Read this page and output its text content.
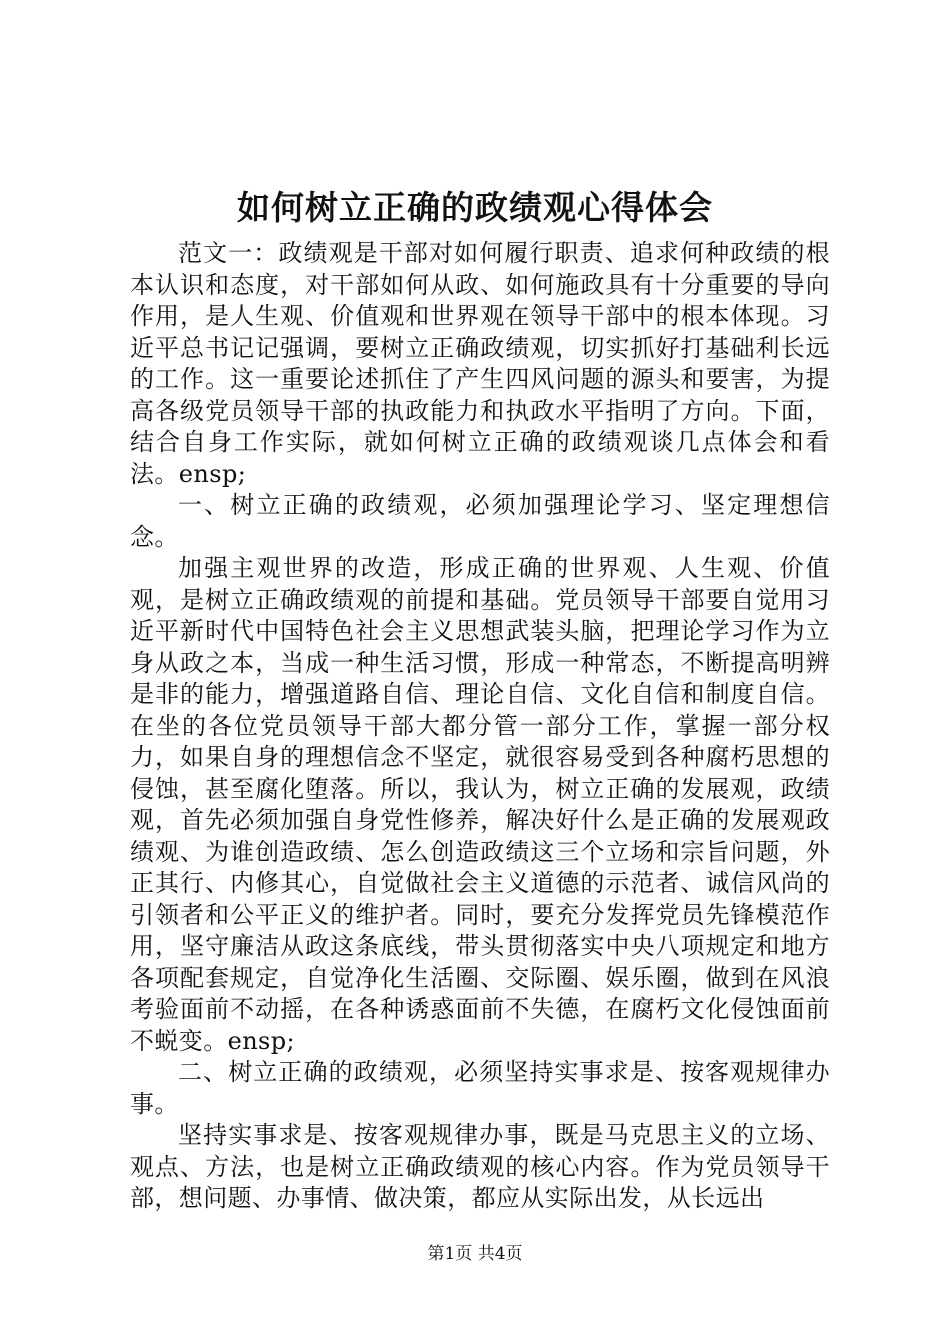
如何树立正确的政绩观心得体会

范文一：政绩观是干部对如何履行职责、追求何种政绩的根本认识和态度，对干部如何从政、如何施政具有十分重要的导向作用，是人生观、价值观和世界观在领导干部中的根本体现。习近平总书记记强调，要树立正确政绩观，切实抓好打基础利长远的工作。这一重要论述抓住了产生四风问题的源头和要害，为提高各级党员领导干部的执政能力和执政水平指明了方向。下面，结合自身工作实际，就如何树立正确的政绩观谈几点体会和看法。ensp;

一、树立正确的政绩观，必须加强理论学习、坚定理想信念。

加强主观世界的改造，形成正确的世界观、人生观、价值观，是树立正确政绩观的前提和基础。党员领导干部要自觉用习近平新时代中国特色社会主义思想武装头脑，把理论学习作为立身从政之本，当成一种生活习惯，形成一种常态，不断提高明辨是非的能力，增强道路自信、理论自信、文化自信和制度自信。在坐的各位党员领导干部大都分管一部分工作，掌握一部分权力，如果自身的理想信念不坚定，就很容易受到各种腐朽思想的侵蚀，甚至腐化堕落。所以，我认为，树立正确的发展观，政绩观，首先必须加强自身党性修养，解决好什么是正确的发展观政绩观、为谁创造政绩、怎么创造政绩这三个立场和宗旨问题，外正其行、内修其心，自觉做社会主义道德的示范者、诚信风尚的引领者和公平正义的维护者。同时，要充分发挥党员先锋模范作用，坚守廉洁从政这条底线，带头贯彻落实中央八项规定和地方各项配套规定，自觉净化生活圈、交际圈、娱乐圈，做到在风浪考验面前不动摇，在各种诱惑面前不失德，在腐朽文化侵蚀面前不蜕变。ensp;

二、树立正确的政绩观，必须坚持实事求是、按客观规律办事。

坚持实事求是、按客观规律办事，既是马克思主义的立场、观点、方法，也是树立正确政绩观的核心内容。作为党员领导干部，想问题、办事情、做决策，都应从实际出发，从长远出

第1页 共4页
